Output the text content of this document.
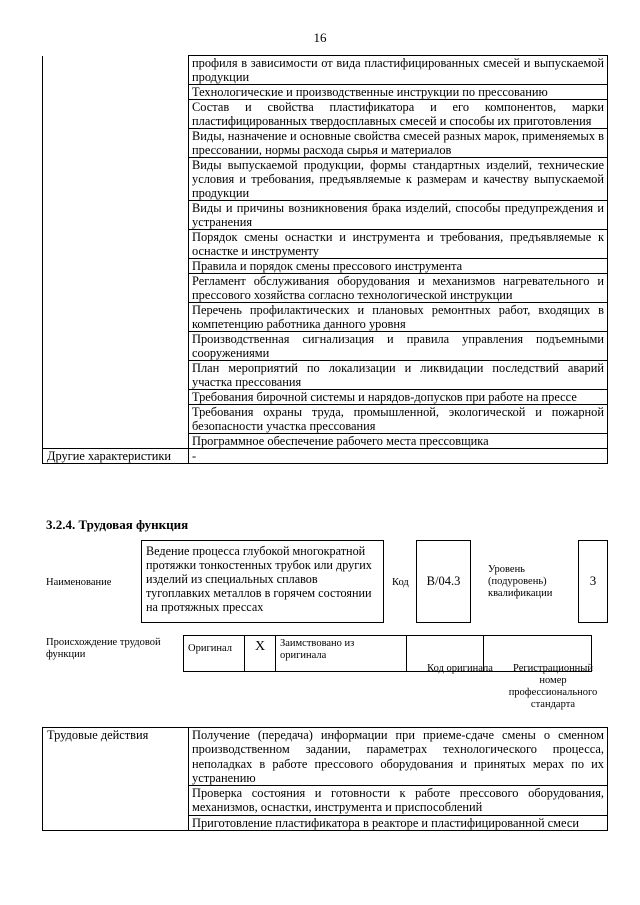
16
	профиля в зависимости от вида пластифицированных смесей и выпускаемой продукции
	Технологические и производственные инструкции по прессованию
	Состав и свойства пластификатора и его компонентов, марки пластифицированных твердосплавных смесей и способы их приготовления
	Виды, назначение и основные свойства смесей разных марок, применяемых в прессовании, нормы расхода сырья и материалов
	Виды выпускаемой продукции, формы стандартных изделий, технические условия и требования, предъявляемые к размерам и качеству выпускаемой продукции
	Виды и причины возникновения брака изделий, способы предупреждения и устранения
	Порядок смены оснастки и инструмента и требования, предъявляемые к оснастке и инструменту
	Правила и порядок смены прессового инструмента
	Регламент обслуживания оборудования и механизмов нагревательного и прессового хозяйства согласно технологической инструкции
	Перечень профилактических и плановых ремонтных работ, входящих в компетенцию работника данного уровня
	Производственная сигнализация и правила управления подъемными сооружениями
	План мероприятий по локализации и ликвидации последствий аварий участка прессования
	Требования бирочной системы и нарядов-допусков при работе на прессе
	Требования охраны труда, промышленной, экологической и пожарной безопасности участка прессования
	Программное обеспечение рабочего места прессовщика
Другие характеристики	-
3.2.4. Трудовая функция
Наименование
Ведение процесса глубокой многократной протяжки тонкостенных трубок или других изделий из специальных сплавов тугоплавких металлов в горячем состоянии на протяжных прессах
Код	B/04.3
Уровень (подуровень) квалификации
3
Происхождение трудовой функции
Оригинал	X	Заимствовано из оригинала		
Код оригинала	Регистрационный номер профессионального стандарта
Трудовые действия	Получение (передача) информации при приеме-сдаче смены о сменном производственном задании, параметрах технологического процесса, неполадках в работе прессового оборудования и принятых мерах по их устранению
Проверка состояния и готовности к работе прессового оборудования, механизмов, оснастки, инструмента и приспособлений
Приготовление пластификатора в реакторе и пластифицированной смеси
